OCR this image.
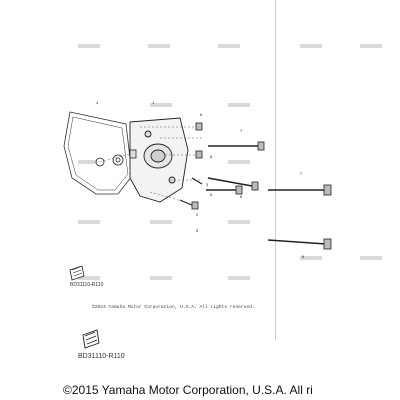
4	1
6
7
8
3
5
2
6
5
7
6
BD31110-R110
BD31110-R110
©2024 Yamaha Motor Corporation, U.S.A. All rights reserved.
©2015 Yamaha Motor Corporation, U.S.A. All ri
